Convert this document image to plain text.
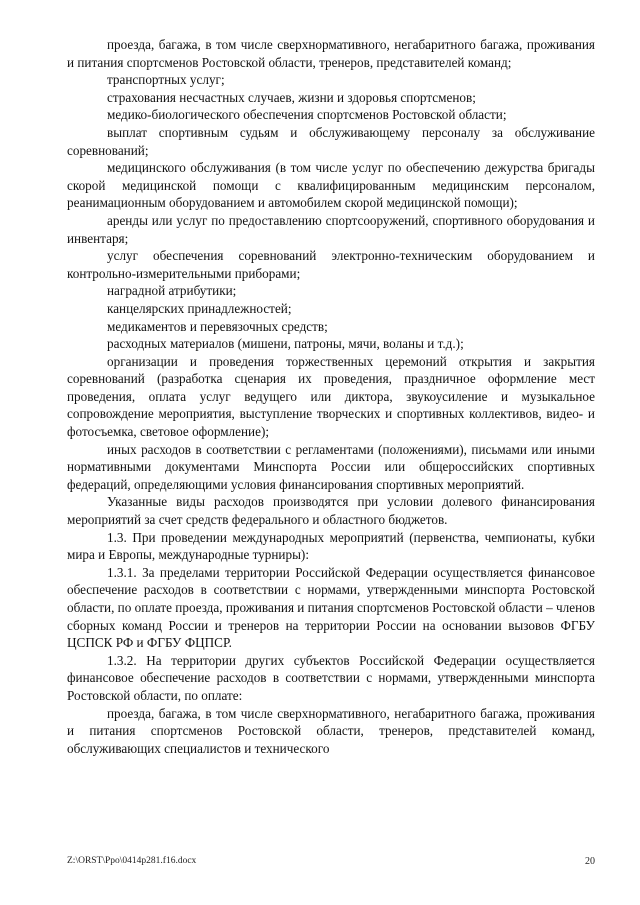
проезда, багажа, в том числе сверхнормативного, негабаритного багажа, проживания и питания спортсменов Ростовской области, тренеров, представителей команд;

транспортных услуг;

страхования несчастных случаев, жизни и здоровья спортсменов;

медико-биологического обеспечения спортсменов Ростовской области;

выплат спортивным судьям и обслуживающему персоналу за обслуживание соревнований;

медицинского обслуживания (в том числе услуг по обеспечению дежурства бригады скорой медицинской помощи с квалифицированным медицинским персоналом, реанимационным оборудованием и автомобилем скорой медицинской помощи);

аренды или услуг по предоставлению спортсооружений, спортивного оборудования и инвентаря;

услуг обеспечения соревнований электронно-техническим оборудованием и контрольно-измерительными приборами;

наградной атрибутики;

канцелярских принадлежностей;

медикаментов и перевязочных средств;

расходных материалов (мишени, патроны, мячи, воланы и т.д.);

организации и проведения торжественных церемоний открытия и закрытия соревнований (разработка сценария их проведения, праздничное оформление мест проведения, оплата услуг ведущего или диктора, звукоусиление и музыкальное сопровождение мероприятия, выступление творческих и спортивных коллективов, видео- и фотосъемка, световое оформление);

иных расходов в соответствии с регламентами (положениями), письмами или иными нормативными документами Минспорта России или общероссийских спортивных федераций, определяющими условия финансирования спортивных мероприятий.

Указанные виды расходов производятся при условии долевого финансирования мероприятий за счет средств федерального и областного бюджетов.

1.3. При проведении международных мероприятий (первенства, чемпионаты, кубки мира и Европы, международные турниры):

1.3.1. За пределами территории Российской Федерации осуществляется финансовое обеспечение расходов в соответствии с нормами, утвержденными минспорта Ростовской области, по оплате проезда, проживания и питания спортсменов Ростовской области – членов сборных команд России и тренеров на территории России на основании вызовов ФГБУ ЦСПСК РФ и ФГБУ ФЦПСР.

1.3.2. На территории других субъектов Российской Федерации осуществляется финансовое обеспечение расходов в соответствии с нормами, утвержденными минспорта Ростовской области, по оплате:

проезда, багажа, в том числе сверхнормативного, негабаритного багажа, проживания и питания спортсменов Ростовской области, тренеров, представителей команд, обслуживающих специалистов и технического

Z:\ORST\Ppo\0414p281.f16.docx	20
